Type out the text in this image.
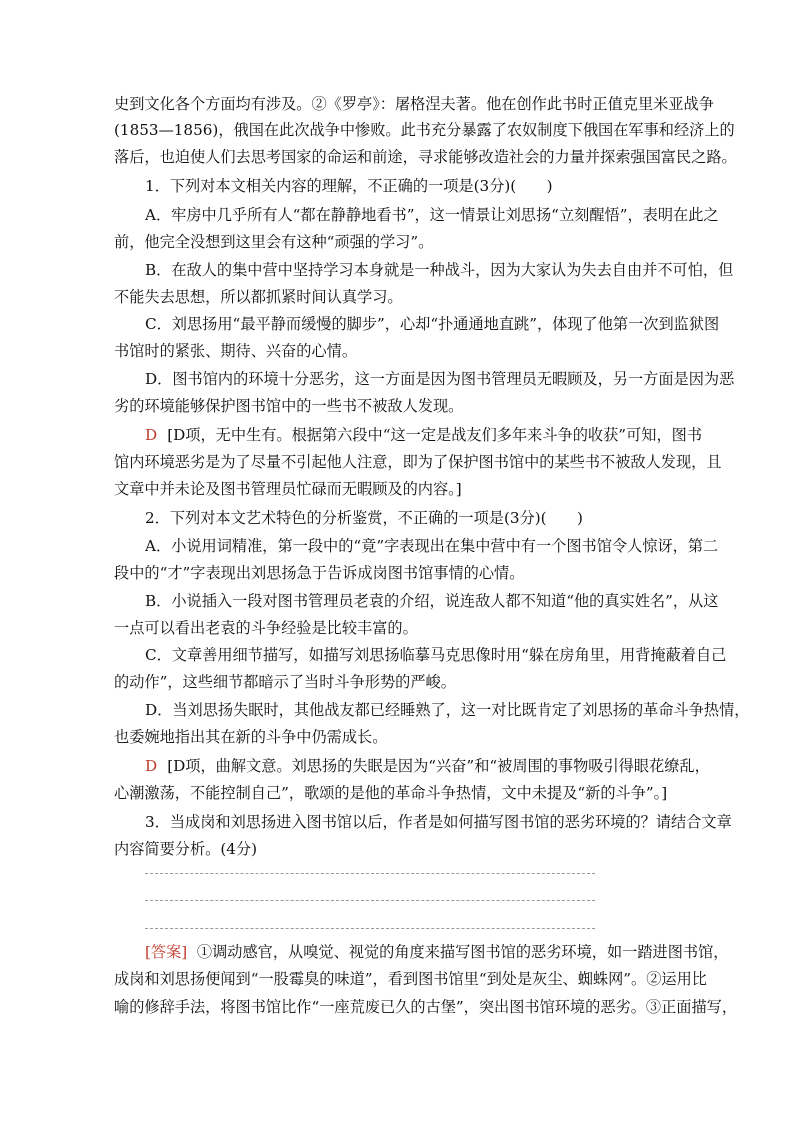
史到文化各个方面均有涉及。②《罗亭》：屠格涅夫著。他在创作此书时正值克里米亚战争
(1853—1856)，俄国在此次战争中惨败。此书充分暴露了农奴制度下俄国在军事和经济上的
落后，也迫使人们去思考国家的命运和前途，寻求能够改造社会的力量并探索强国富民之路。
1．下列对本文相关内容的理解，不正确的一项是(3分)(　　)
A．牢房中几乎所有人“都在静静地看书”，这一情景让刘思扬“立刻醒悟”，表明在此之
前，他完全没想到这里会有这种“顽强的学习”。
B．在敌人的集中营中坚持学习本身就是一种战斗，因为大家认为失去自由并不可怕，但
不能失去思想，所以都抓紧时间认真学习。
C．刘思扬用“最平静而缓慢的脚步”，心却“扑通通地直跳”，体现了他第一次到监狱图
书馆时的紧张、期待、兴奋的心情。
D．图书馆内的环境十分恶劣，这一方面是因为图书管理员无暇顾及，另一方面是因为恶
劣的环境能够保护图书馆中的一些书不被敌人发现。
D [D项，无中生有。根据第六段中“这一定是战友们多年来斗争的收获”可知，图书
馆内环境恶劣是为了尽量不引起他人注意，即为了保护图书馆中的某些书不被敌人发现，且
文章中并未论及图书管理员忙碌而无暇顾及的内容。]
2．下列对本文艺术特色的分析鉴赏，不正确的一项是(3分)(　　)
A．小说用词精准，第一段中的“竟”字表现出在集中营中有一个图书馆令人惊讶，第二
段中的“才”字表现出刘思扬急于告诉成岗图书馆事情的心情。
B．小说插入一段对图书管理员老袁的介绍，说连敌人都不知道“他的真实姓名”，从这
一点可以看出老袁的斗争经验是比较丰富的。
C．文章善用细节描写，如描写刘思扬临摹马克思像时用“躲在房角里，用背掩蔽着自己
的动作”，这些细节都暗示了当时斗争形势的严峻。
D．当刘思扬失眠时，其他战友都已经睡熟了，这一对比既肯定了刘思扬的革命斗争热情，
也委婉地指出其在新的斗争中仍需成长。
D [D项，曲解文意。刘思扬的失眠是因为“兴奋”和“被周围的事物吸引得眼花缭乱，
心潮激荡，不能控制自己”，歌颂的是他的革命斗争热情，文中未提及“新的斗争”。]
3．当成岗和刘思扬进入图书馆以后，作者是如何描写图书馆的恶劣环境的？请结合文章
内容简要分析。(4分)
[答案] ①调动感官，从嗅觉、视觉的角度来描写图书馆的恶劣环境，如一踏进图书馆，
成岗和刘思扬便闻到“一股霉臭的味道”，看到图书馆里“到处是灰尘、蜘蛛网”。②运用比
喻的修辞手法，将图书馆比作“一座荒废已久的古堡”，突出图书馆环境的恶劣。③正面描写，
